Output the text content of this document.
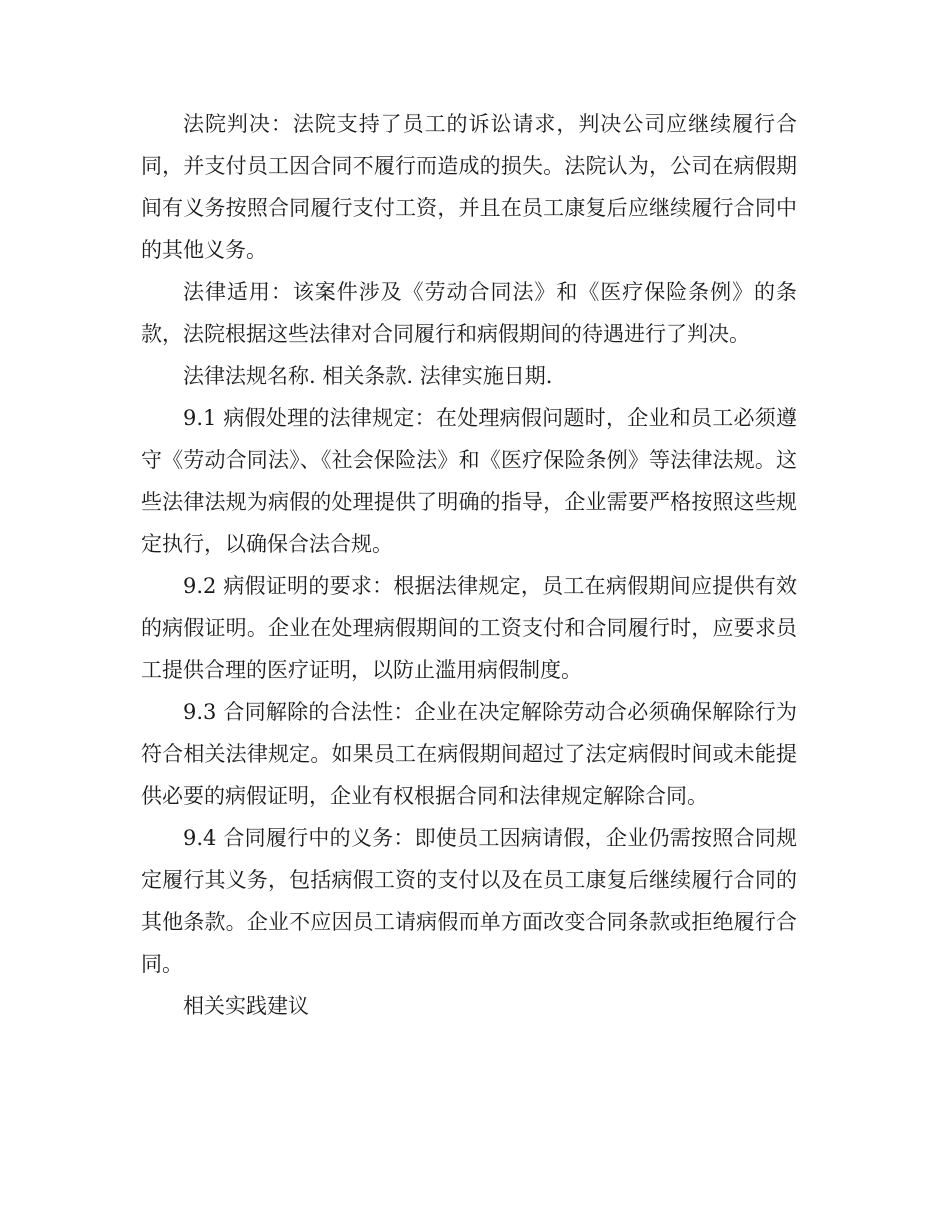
法院判决：法院支持了员工的诉讼请求，判决公司应继续履行合同，并支付员工因合同不履行而造成的损失。法院认为，公司在病假期间有义务按照合同履行支付工资，并且在员工康复后应继续履行合同中的其他义务。

法律适用：该案件涉及《劳动合同法》和《医疗保险条例》的条款，法院根据这些法律对合同履行和病假期间的待遇进行了判决。

法律法规名称. 相关条款. 法律实施日期.

9.1 病假处理的法律规定：在处理病假问题时，企业和员工必须遵守《劳动合同法》、《社会保险法》和《医疗保险条例》等法律法规。这些法律法规为病假的处理提供了明确的指导，企业需要严格按照这些规定执行，以确保合法合规。

9.2 病假证明的要求：根据法律规定，员工在病假期间应提供有效的病假证明。企业在处理病假期间的工资支付和合同履行时，应要求员工提供合理的医疗证明，以防止滥用病假制度。

9.3 合同解除的合法性：企业在决定解除劳动合必须确保解除行为符合相关法律规定。如果员工在病假期间超过了法定病假时间或未能提供必要的病假证明，企业有权根据合同和法律规定解除合同。

9.4 合同履行中的义务：即使员工因病请假，企业仍需按照合同规定履行其义务，包括病假工资的支付以及在员工康复后继续履行合同的其他条款。企业不应因员工请病假而单方面改变合同条款或拒绝履行合同。

相关实践建议
